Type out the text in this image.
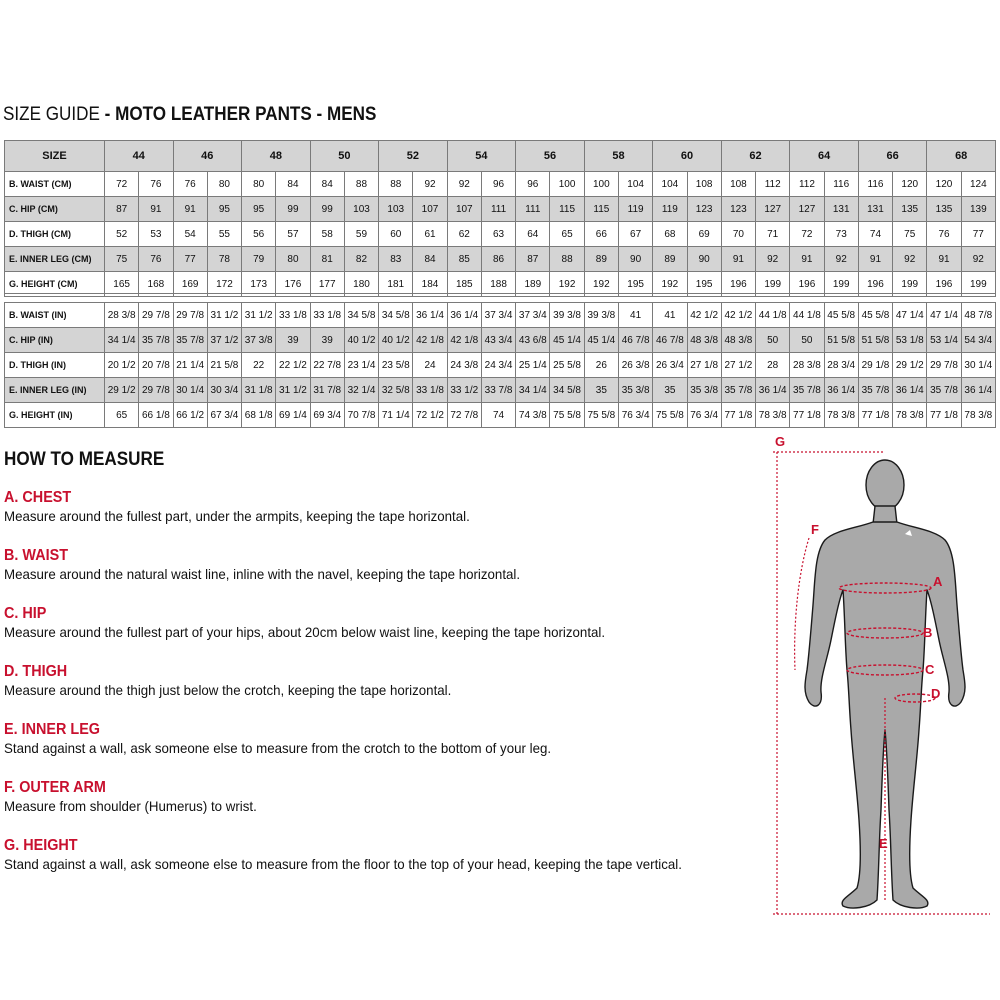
SIZE GUIDE - MOTO LEATHER PANTS - MENS
SIZE	44		46		48		50		52		54		56		58		60		62		64		66		68	
B. WAIST (CM)	72	76	76	80	80	84	84	88	88	92	92	96	96	100	100	104	104	108	108	112	112	116	116	120	120	124
C. HIP (CM)	87	91	91	95	95	99	99	103	103	107	107	111	111	115	115	119	119	123	123	127	127	131	131	135	135	139
D. THIGH (CM)	52	53	54	55	56	57	58	59	60	61	62	63	64	65	66	67	68	69	70	71	72	73	74	75	76	77
E. INNER LEG (CM)	75	76	77	78	79	80	81	82	83	84	85	86	87	88	89	90	89	90	91	92	91	92	91	92	91	92
G. HEIGHT (CM)	165	168	169	172	173	176	177	180	181	184	185	188	189	192	192	195	192	195	196	199	196	199	196	199	196	199
B. WAIST (IN)	28 3/8	29 7/8	29 7/8	31 1/2	31 1/2	33 1/8	33 1/8	34 5/8	34 5/8	36 1/4	36 1/4	37 3/4	37 3/4	39 3/8	39 3/8	41	41	42 1/2	42 1/2	44 1/8	44 1/8	45 5/8	45 5/8	47 1/4	47 1/4	48 7/8
C. HIP (IN)	34 1/4	35 7/8	35 7/8	37 1/2	37 3/8	39	39	40 1/2	40 1/2	42 1/8	42 1/8	43 3/4	43 6/8	45 1/4	45 1/4	46 7/8	46 7/8	48 3/8	48 3/8	50	50	51 5/8	51 5/8	53 1/8	53 1/4	54 3/4
D. THIGH (IN)	20 1/2	20 7/8	21 1/4	21 5/8	22	22 1/2	22 7/8	23 1/4	23 5/8	24	24 3/8	24 3/4	25 1/4	25 5/8	26	26 3/8	26 3/4	27 1/8	27 1/2	28	28 3/8	28 3/4	29 1/8	29 1/2	29 7/8	30 1/4
E. INNER LEG (IN)	29 1/2	29 7/8	30 1/4	30 3/4	31 1/8	31 1/2	31 7/8	32 1/4	32 5/8	33 1/8	33 1/2	33 7/8	34 1/4	34 5/8	35	35 3/8	35	35 3/8	35 7/8	36 1/4	35 7/8	36 1/4	35 7/8	36 1/4	35 7/8	36 1/4
G. HEIGHT (IN)	65	66 1/8	66 1/2	67 3/4	68 1/8	69 1/4	69 3/4	70 7/8	71 1/4	72 1/2	72 7/8	74	74 3/8	75 5/8	75 5/8	76 3/4	75 5/8	76 3/4	77 1/8	78 3/8	77 1/8	78 3/8	77 1/8	78 3/8	77 1/8	78 3/8
HOW TO MEASURE
A. CHEST
Measure around the fullest part, under the armpits, keeping the tape horizontal.
B. WAIST
Measure around the natural waist line, inline with the navel, keeping the tape horizontal.
C. HIP
Measure around the fullest part of your hips, about 20cm below waist line, keeping the tape horizontal.
D. THIGH
Measure around the thigh just below the crotch, keeping the tape horizontal.
E. INNER LEG
Stand against a wall, ask someone else to measure from the crotch to the bottom of your leg.
F. OUTER ARM
Measure from shoulder (Humerus) to wrist.
G. HEIGHT
Stand against a wall, ask someone else to measure from the floor to the top of your head, keeping the tape vertical.
G
F
A
B
C
D
E
